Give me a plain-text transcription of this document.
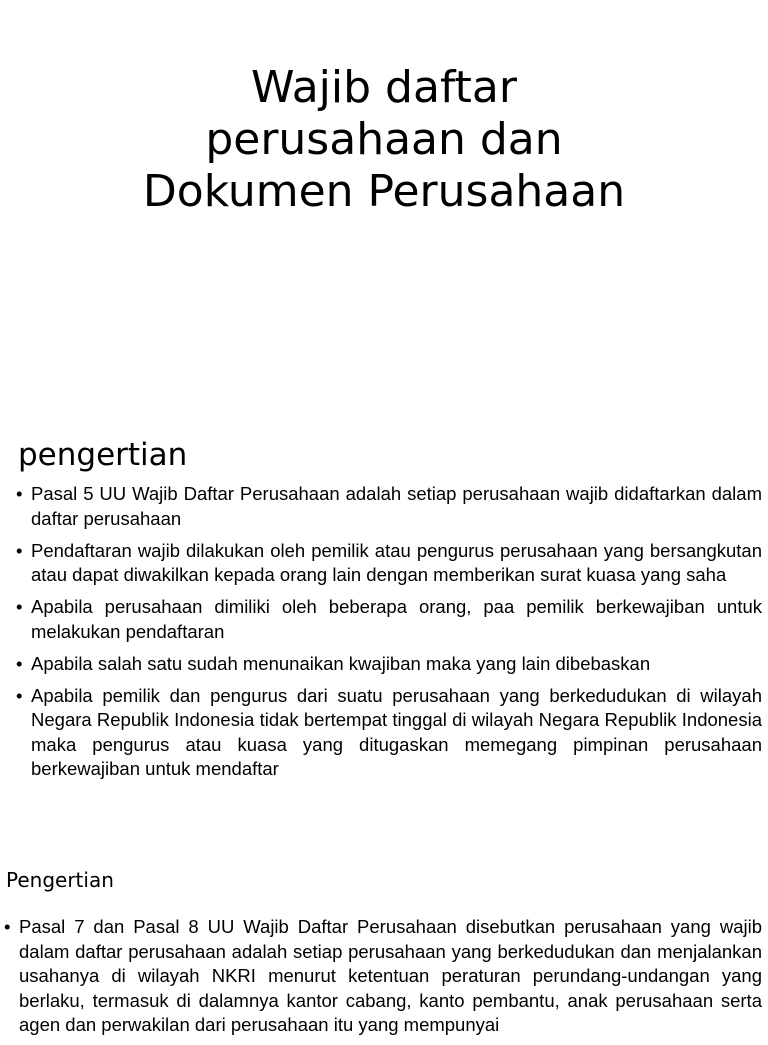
Wajib daftar
perusahaan dan
Dokumen Perusahaan
pengertian
• Pasal 5 UU Wajib Daftar Perusahaan adalah setiap perusahaan wajib didaftarkan dalam daftar perusahaan
• Pendaftaran wajib dilakukan oleh pemilik atau pengurus perusahaan yang bersangkutan atau dapat diwakilkan kepada orang lain dengan memberikan surat kuasa yang saha
• Apabila perusahaan dimiliki oleh beberapa orang, paa pemilik berkewajiban untuk melakukan pendaftaran
• Apabila salah satu sudah menunaikan kwajiban maka yang lain dibebaskan
• Apabila pemilik dan pengurus dari suatu perusahaan yang berkedudukan di wilayah Negara Republik Indonesia tidak bertempat tinggal di wilayah Negara Republik Indonesia maka pengurus atau kuasa yang ditugaskan memegang pimpinan perusahaan berkewajiban untuk mendaftar
Pengertian
• Pasal 7 dan Pasal 8 UU Wajib Daftar Perusahaan disebutkan perusahaan yang wajib dalam daftar perusahaan adalah setiap perusahaan yang berkedudukan dan menjalankan usahanya di wilayah NKRI menurut ketentuan peraturan perundang-undangan yang berlaku, termasuk di dalamnya kantor cabang, kanto pembantu, anak perusahaan serta agen dan perwakilan dari perusahaan itu yang mempunyai
